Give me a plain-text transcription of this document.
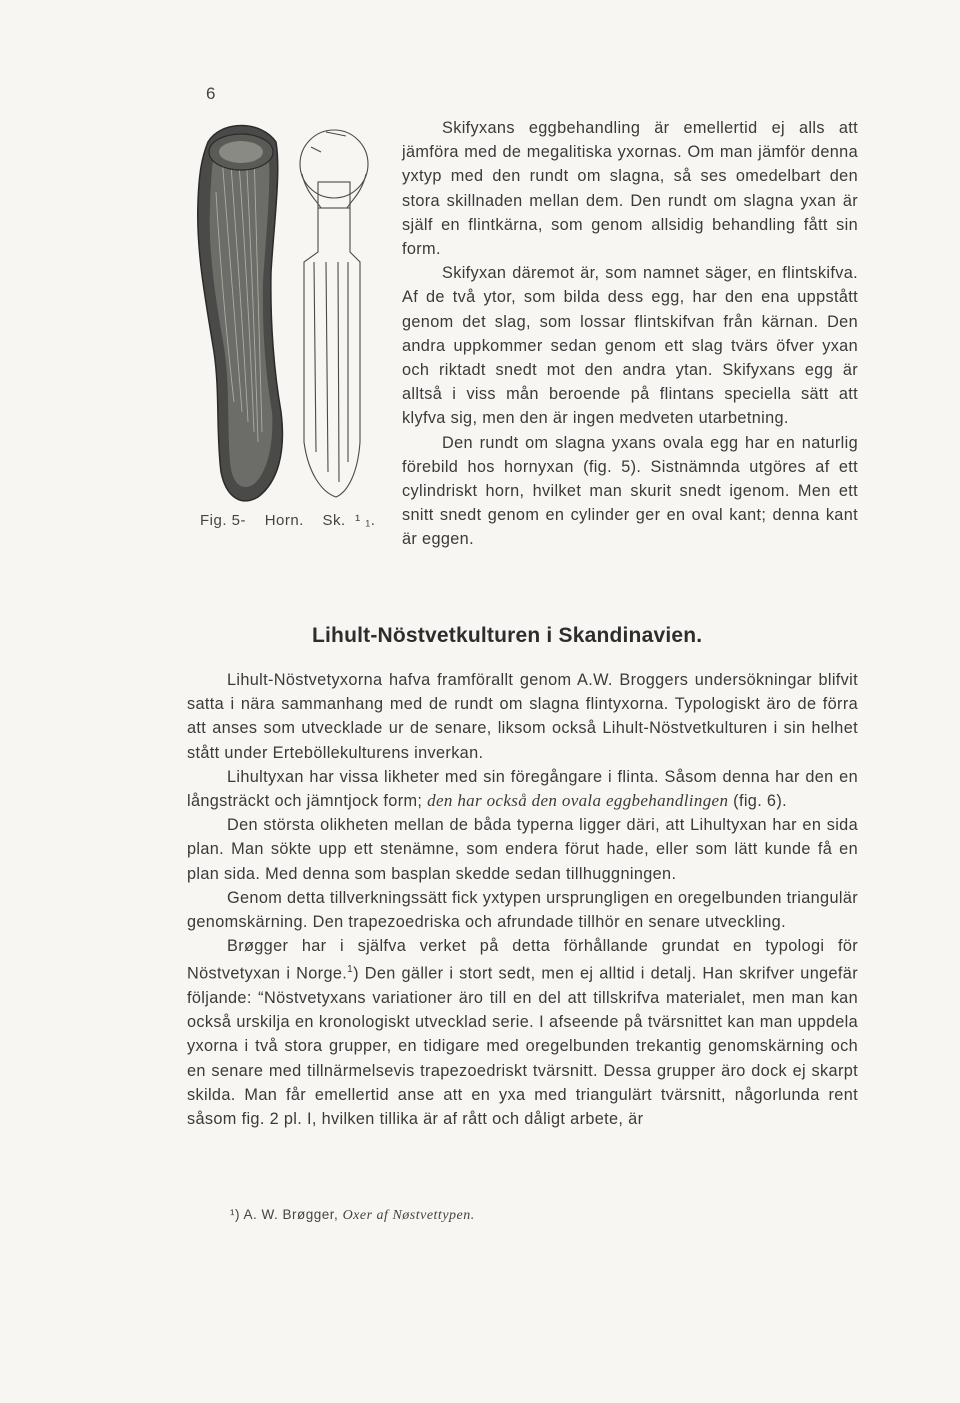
6
Fig. 5- Horn. Sk. ¹ ₁.

Skifyxans eggbehandling är emellertid ej alls att jämföra med de megalitiska yxornas. Om man jämför denna yxtyp med den rundt om slagna, så ses omedelbart den stora skillnaden mellan dem. Den rundt om slagna yxan är själf en flintkärna, som genom allsidig behandling fått sin form.

Skifyxan däremot är, som namnet säger, en flintskifva. Af de två ytor, som bilda dess egg, har den ena uppstått genom det slag, som lossar flintskifvan från kärnan. Den andra uppkommer sedan genom ett slag tvärs öfver yxan och riktadt snedt mot den andra ytan. Skifyxans egg är alltså i viss mån beroende på flintans speciella sätt att klyfva sig, men den är ingen medveten utarbetning.

Den rundt om slagna yxans ovala egg har en naturlig förebild hos hornyxan (fig. 5). Sistnämnda utgöres af ett cylindriskt horn, hvilket man skurit snedt igenom. Men ett snitt snedt genom en cylinder ger en oval kant; denna kant är eggen.

Lihult-Nöstvetkulturen i Skandinavien.

Lihult-Nöstvetyxorna hafva framförallt genom A.W. Broggers undersökningar blifvit satta i nära sammanhang med de rundt om slagna flintyxorna. Typologiskt äro de förra att anses som utvecklade ur de senare, liksom också Lihult-Nöstvetkulturen i sin helhet stått under Erteböllekulturens inverkan.

Lihultyxan har vissa likheter med sin föregångare i flinta. Såsom denna har den en långsträckt och jämntjock form; den har också den ovala eggbehandlingen (fig. 6).

Den största olikheten mellan de båda typerna ligger däri, att Lihultyxan har en sida plan. Man sökte upp ett stenämne, som endera förut hade, eller som lätt kunde få en plan sida. Med denna som basplan skedde sedan tillhuggningen.

Genom detta tillverkningssätt fick yxtypen ursprungligen en oregelbunden triangulär genomskärning. Den trapezoedriska och afrundade tillhör en senare utveckling.

Brøgger har i själfva verket på detta förhållande grundat en typologi för Nöstvetyxan i Norge.$^1$) Den gäller i stort sedt, men ej alltid i detalj. Han skrifver ungefär följande: “Nöstvetyxans variationer äro till en del att tillskrifva materialet, men man kan också urskilja en kronologiskt utvecklad serie. I afseende på tvärsnittet kan man uppdela yxorna i två stora grupper, en tidigare med oregelbunden trekantig genomskärning och en senare med tillnärmelsevis trapezoedriskt tvärsnitt. Dessa grupper äro dock ej skarpt skilda. Man får emellertid anse att en yxa med triangulärt tvärsnitt, någorlunda rent såsom fig. 2 pl. I, hvilken tillika är af rått och dåligt arbete, är

¹) A. W. Brøgger, Oxer af Nøstvettypen.
